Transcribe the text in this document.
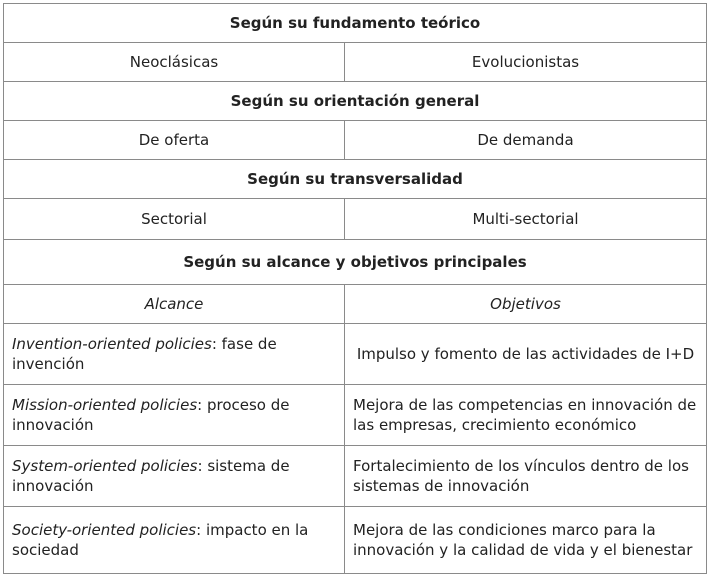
Según su fundamento teórico	
Neoclásicas	Evolucionistas
Según su orientación general	
De oferta	De demanda
Según su transversalidad	
Sectorial	Multi-sectorial
Según su alcance y objetivos principales	
Alcance	Objetivos
Invention-oriented policies: fase de invención	Impulso y fomento de las actividades de I+D
Mission-oriented policies: proceso de innovación	Mejora de las competencias en innovación de las empresas, crecimiento económico
System-oriented policies: sistema de innovación	Fortalecimiento de los vínculos dentro de los sistemas de innovación
Society-oriented policies: impacto en la sociedad	Mejora de las condiciones marco para la innovación y la calidad de vida y el bienestar
